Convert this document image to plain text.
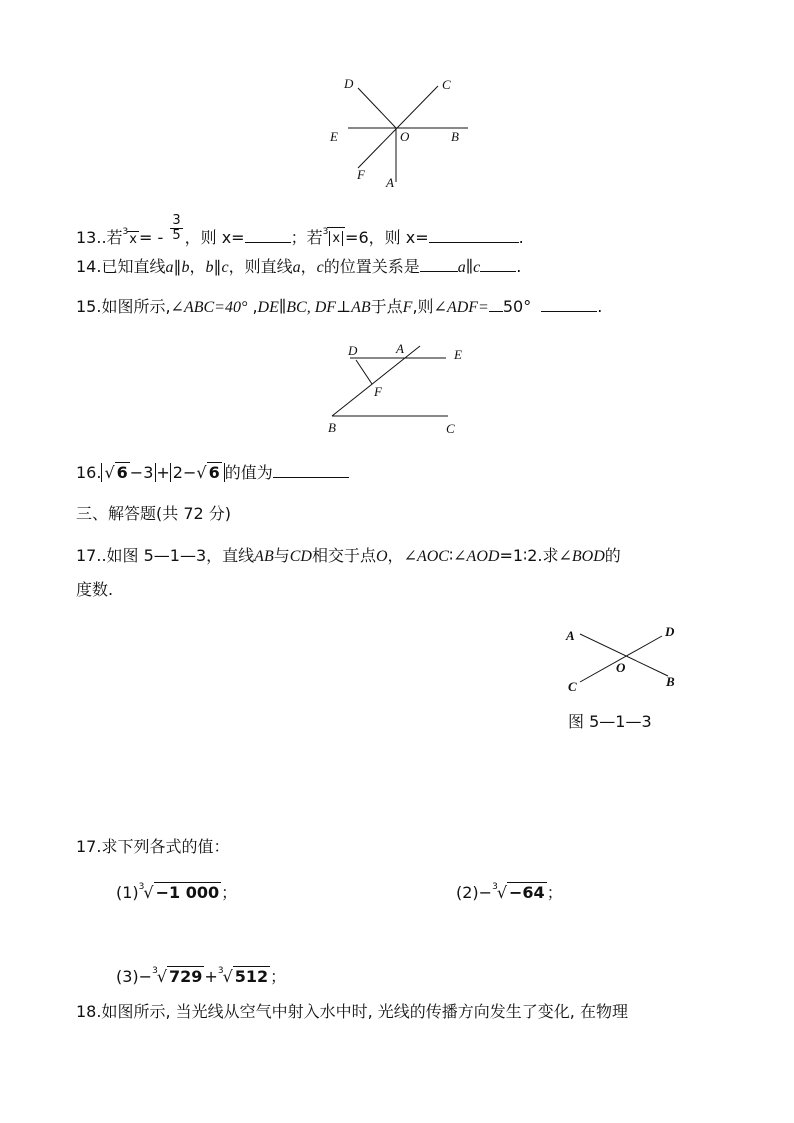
D	C
E	O	B
F
A
13..若$^3$x = - $\frac{3}{5}$ ，则 x=	；若$^3$ x =6，则 x=	.
14.已知直线a∥b，b∥c，则直线a，c的位置关系是 a∥c .
15.如图所示,∠ABC=40° ,DE∥BC, DF⊥AB于点F,则∠ADF= 50°	.
D	A	E
F
B	C
16. √ 6 −3 + 2−√ 6 的值为
三、解答题(共 72 分)
17..如图 5—1—3，直线AB与CD相交于点O，∠AOC∶∠AOD=1∶2.求∠BOD的
度数.
A	D
O
C	B
图 5—1—3
17.求下列各式的值：
$(1)^3√ -1$ 000 ；	(2)−$^3$√ −64 ；
(3)−$^3$√ 729 +$^3$√ 512 ；
18.如图所示, 当光线从空气中射入水中时, 光线的传播方向发生了变化, 在物理
